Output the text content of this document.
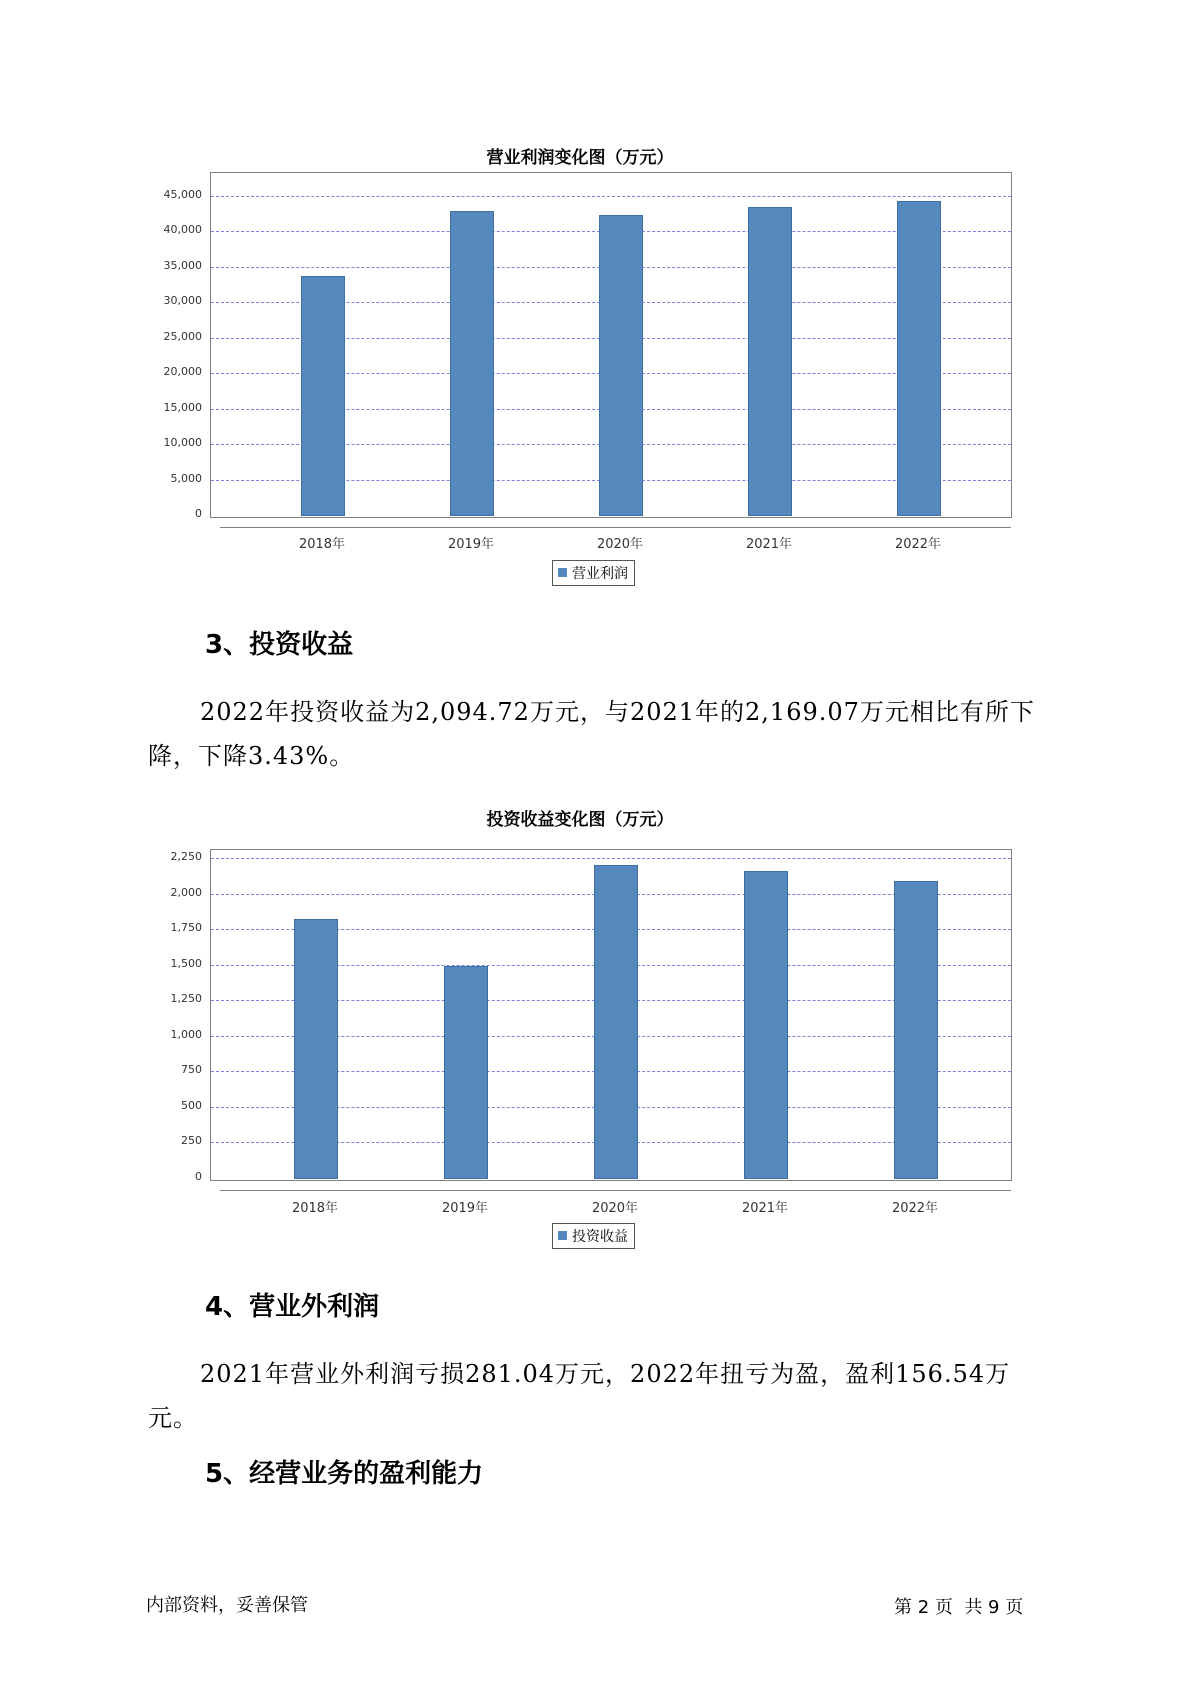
营业利润变化图（万元）
0
5,000
10,000
15,000
20,000
25,000
30,000
35,000
40,000
45,000
2018年	2019年	2020年	2021年	2022年
营业利润
3、投资收益
2022年投资收益为2,094.72万元，与2021年的2,169.07万元相比有所下降，下降3.43%。
投资收益变化图（万元）
0
250
500
750
1,000
1,250
1,500
1,750
2,000
2,250
2018年	2019年	2020年	2021年	2022年
投资收益
4、营业外利润
2021年营业外利润亏损281.04万元，2022年扭亏为盈，盈利156.54万元。
5、经营业务的盈利能力
内部资料，妥善保管	第 2 页  共 9 页
